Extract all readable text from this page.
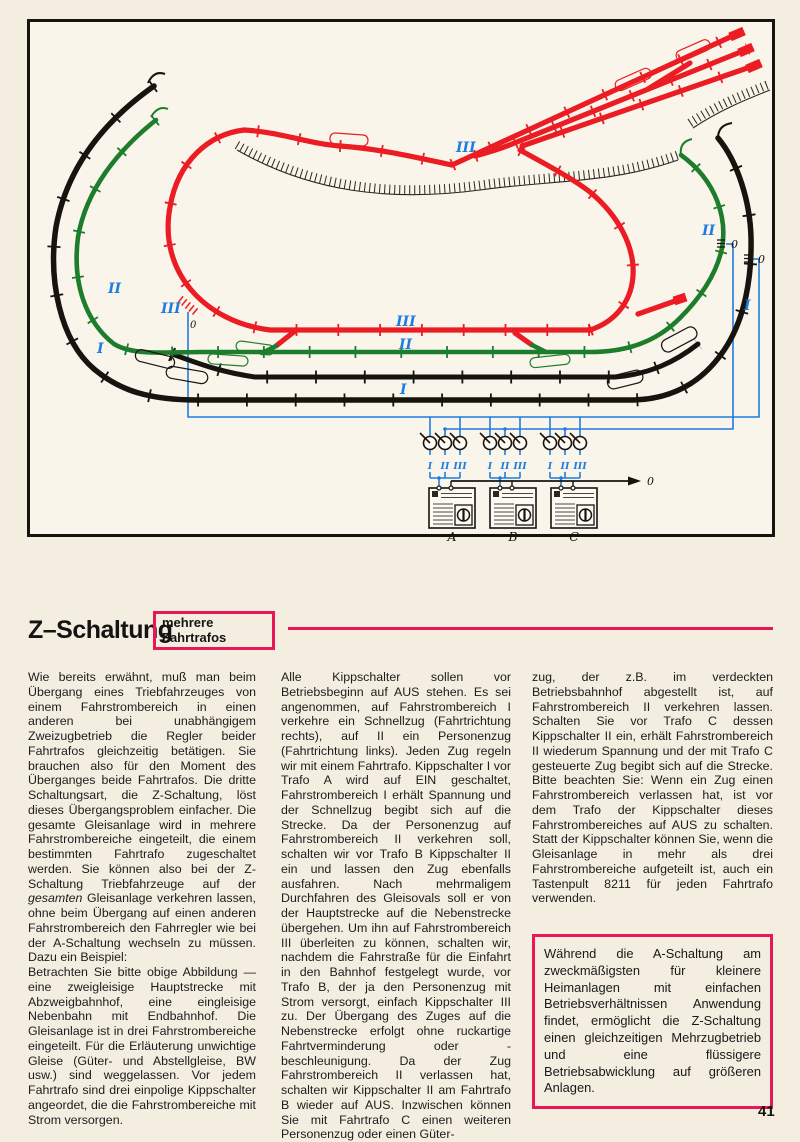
II
I
III
0	III
II
I
III
II
I
0
0
0
I II III I II III I II III
A	B	C
Z–Schaltung
mehrere
Fahrtrafos

Wie bereits erwähnt, muß man beim Übergang eines Triebfahrzeuges von einem Fahrstrombereich in einen anderen bei unabhängigem Zweizugbetrieb die Regler beider Fahrtrafos gleichzeitig betätigen. Sie brauchen also für den Moment des Überganges beide Fahrtrafos. Die dritte Schaltungsart, die Z-Schaltung, löst dieses Übergangsproblem einfacher. Die gesamte Gleisanlage wird in mehrere Fahrstrombereiche eingeteilt, die einem bestimmten Fahrtrafo zugeschaltet werden. Sie können also bei der Z-Schaltung Triebfahrzeuge auf der gesamten Gleisanlage verkehren lassen, ohne beim Übergang auf einen anderen Fahrstrombereich den Fahrregler wie bei der A-Schaltung wechseln zu müssen. Dazu ein Beispiel:

Betrachten Sie bitte obige Abbildung — eine zweigleisige Hauptstrecke mit Abzweigbahnhof, eine eingleisige Nebenbahn mit Endbahnhof. Die Gleisanlage ist in drei Fahrstrombereiche eingeteilt. Für die Erläuterung unwichtige Gleise (Güter- und Abstellgleise, BW usw.) sind weggelassen. Vor jedem Fahrtrafo sind drei einpolige Kippschalter angeordet, die die Fahrstrombereiche mit Strom versorgen.

Alle Kippschalter sollen vor Betriebsbeginn auf AUS stehen. Es sei angenommen, auf Fahrstrombereich I verkehre ein Schnellzug (Fahrtrichtung rechts), auf II ein Personenzug (Fahrtrichtung links). Jeden Zug regeln wir mit einem Fahrtrafo. Kippschalter I vor Trafo A wird auf EIN geschaltet, Fahrstrombereich I erhält Spannung und der Schnellzug begibt sich auf die Strecke. Da der Personenzug auf Fahrstrombereich II verkehren soll, schalten wir vor Trafo B Kippschalter II ein und lassen den Zug ebenfalls ausfahren. Nach mehrmaligem Durchfahren des Gleisovals soll er von der Hauptstrecke auf die Nebenstrecke übergehen. Um ihn auf Fahrstrombereich III überleiten zu können, schalten wir, nachdem die Fahrstraße für die Einfahrt in den Bahnhof festgelegt wurde, vor Trafo B, der ja den Personenzug mit Strom versorgt, einfach Kippschalter III zu. Der Übergang des Zuges auf die Nebenstrecke erfolgt ohne ruckartige Fahrtverminderung oder -beschleunigung. Da der Zug Fahrstrombereich II verlassen hat, schalten wir Kippschalter II am Fahrtrafo B wieder auf AUS. Inzwischen können Sie mit Fahrtrafo C einen weiteren Personenzug oder einen Güter-

zug, der z.B. im verdeckten Betriebsbahnhof abgestellt ist, auf Fahrstrombereich II verkehren lassen. Schalten Sie vor Trafo C dessen Kippschalter II ein, erhält Fahrstrombereich II wiederum Spannung und der mit Trafo C gesteuerte Zug begibt sich auf die Strecke. Bitte beachten Sie: Wenn ein Zug einen Fahrstrombereich verlassen hat, ist vor dem Trafo der Kippschalter dieses Fahrstrombereiches auf AUS zu schalten. Statt der Kippschalter können Sie, wenn die Gleisanlage in mehr als drei Fahrstrombereiche aufgeteilt ist, auch ein Tastenpult 8211 für jeden Fahrtrafo verwenden.

Während die A-Schaltung am zweckmäßigsten für kleinere Heimanlagen mit einfachen Betriebsverhältnissen Anwendung findet, ermöglicht die Z-Schaltung einen gleichzeitigen Mehrzugbetrieb und eine flüssigere Betriebsabwicklung auf größeren Anlagen.
41
